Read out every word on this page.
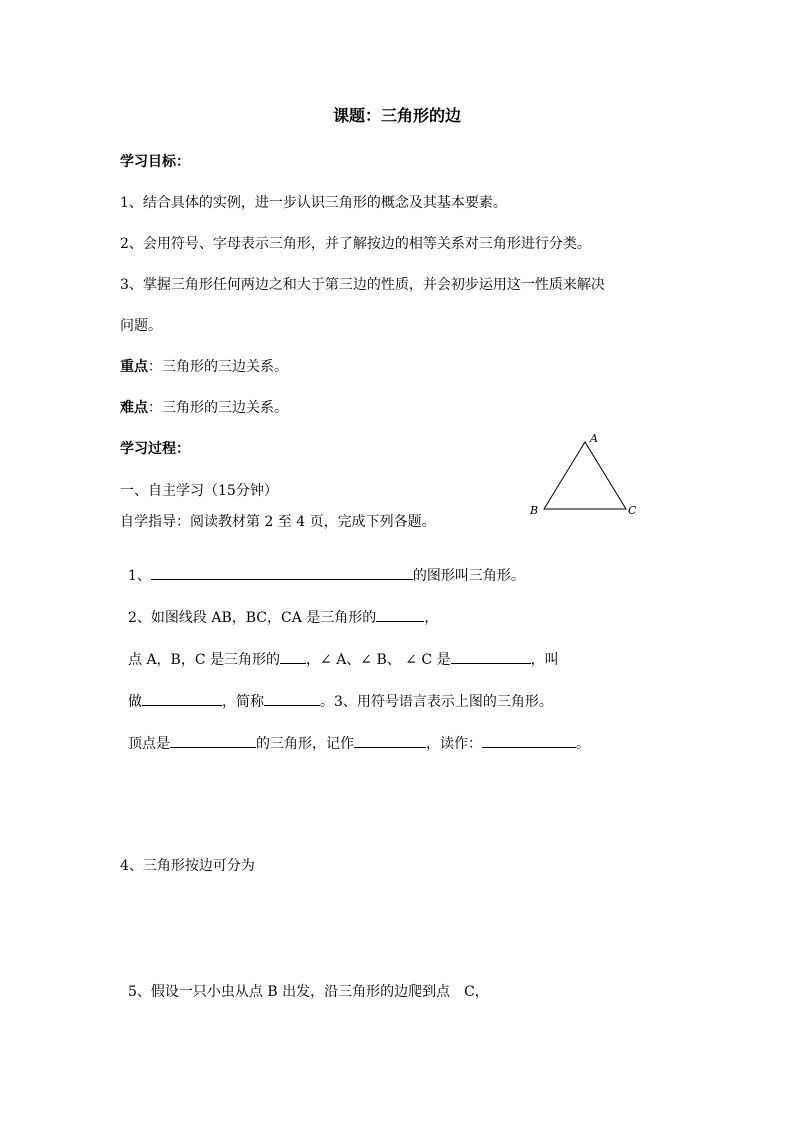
课题：三角形的边
学习目标：
1、结合具体的实例，进一步认识三角形的概念及其基本要素。
2、会用符号、字母表示三角形，并了解按边的相等关系对三角形进行分类。
3、掌握三角形任何两边之和大于第三边的性质，并会初步运用这一性质来解决
问题。
重点：三角形的三边关系。
难点：三角形的三边关系。
学习过程：
A
B	C
一、自主学习（15分钟）
自学指导：阅读教材第 2 至 4 页，完成下列各题。
1、	的图形叫三角形。
2、如图线段 AB，BC，CA 是三角形的	，
点 A，B，C 是三角形的 ，∠ A、∠ B、 ∠ C 是	，叫
做	，简称	。3、用符号语言表示上图的三角形。
顶点是	的三角形，记作	，读作：	。
4、三角形按边可分为
5、假设一只小虫从点 B 出发，沿三角形的边爬到点　C，
